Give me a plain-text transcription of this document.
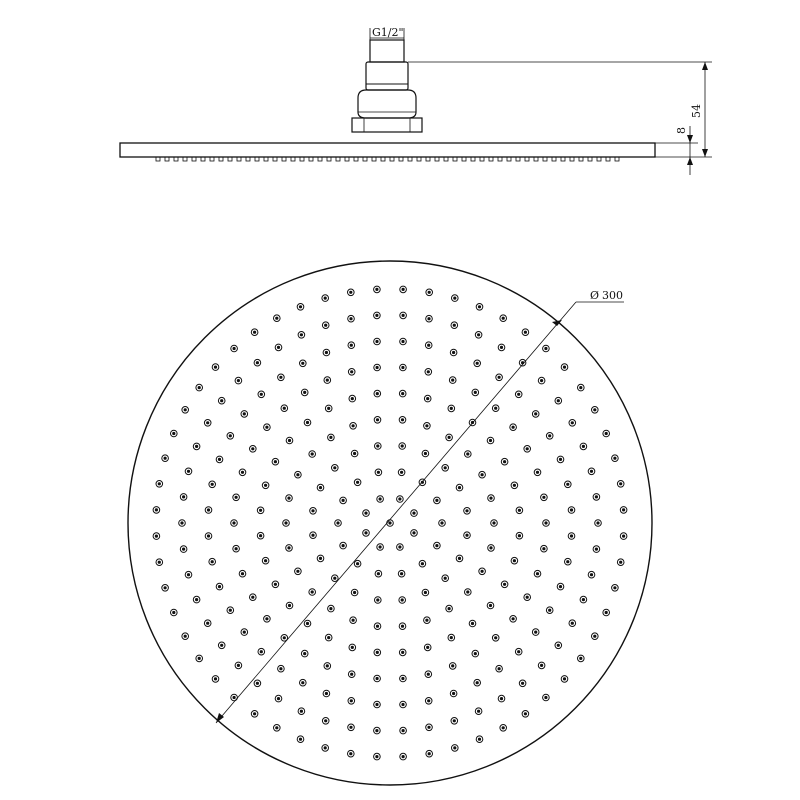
G1/2"
54
8
Ø 300
